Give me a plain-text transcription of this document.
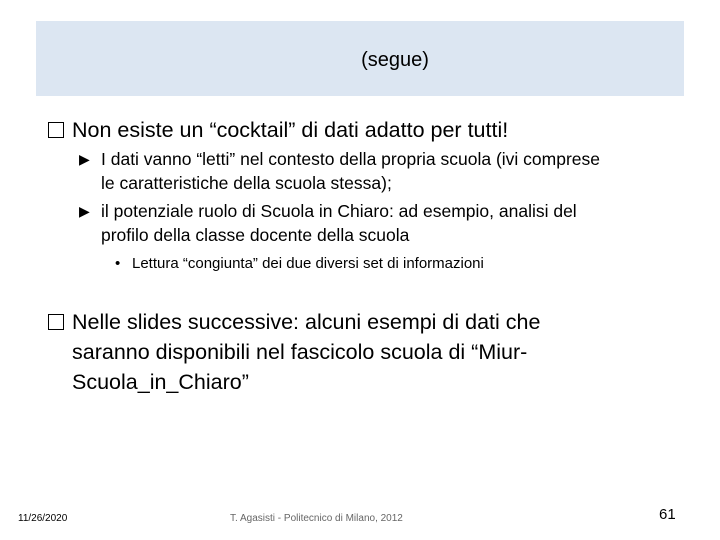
(segue)
Non esiste un “cocktail” di dati adatto per tutti!
▶ I dati vanno “letti” nel contesto della propria scuola (ivi comprese
le caratteristiche della scuola stessa);
▶ il potenziale ruolo di Scuola in Chiaro: ad esempio, analisi del
profilo della classe docente della scuola
• Lettura “congiunta” dei due diversi set di informazioni
Nelle slides successive: alcuni esempi di dati che
saranno disponibili nel fascicolo scuola di “Miur-
Scuola_in_Chiaro”
11/26/2020	T. Agasisti - Politecnico di Milano, 2012	61
